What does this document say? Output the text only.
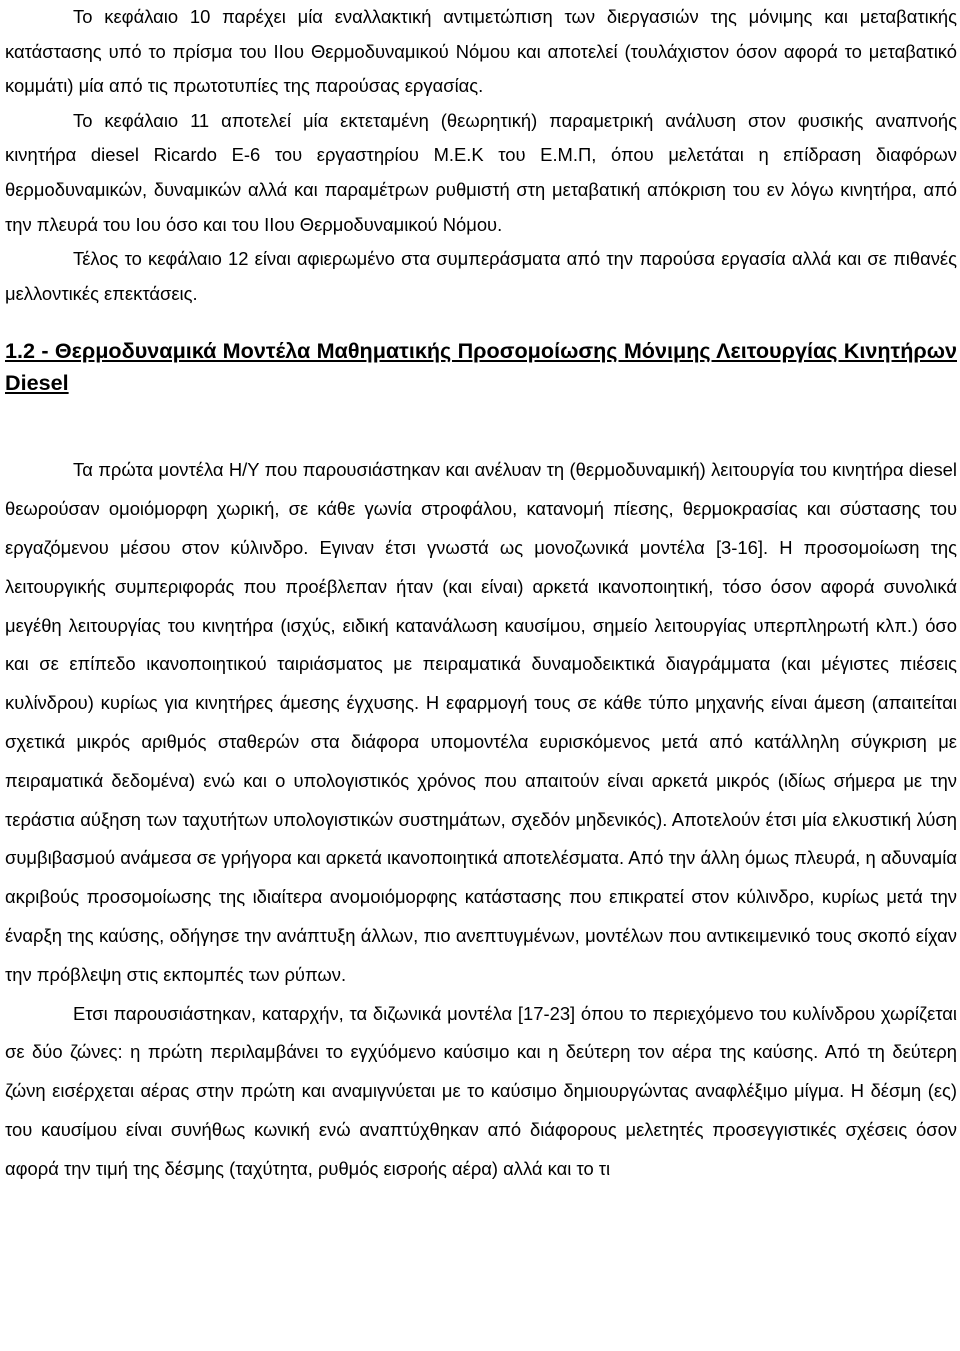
Το κεφάλαιο 10 παρέχει μία εναλλακτική αντιμετώπιση των διεργασιών της μόνιμης και μεταβατικής κατάστασης υπό το πρίσμα του ΙΙου Θερμοδυναμικού Νόμου και αποτελεί (τουλάχιστον όσον αφορά το μεταβατικό κομμάτι) μία από τις πρωτοτυπίες της παρούσας εργασίας.

Το κεφάλαιο 11 αποτελεί μία εκτεταμένη (θεωρητική) παραμετρική ανάλυση στον φυσικής αναπνοής κινητήρα diesel Ricardo E-6 του εργαστηρίου Μ.Ε.Κ του Ε.Μ.Π, όπου μελετάται η επίδραση διαφόρων θερμοδυναμικών, δυναμικών αλλά και παραμέτρων ρυθμιστή στη μεταβατική απόκριση του εν λόγω κινητήρα, από την πλευρά του Ιου όσο και του ΙΙου Θερμοδυναμικού Νόμου.

Τέλος το κεφάλαιο 12 είναι αφιερωμένο στα συμπεράσματα από την παρούσα εργασία αλλά και σε πιθανές μελλοντικές επεκτάσεις.

1.2 - Θερμοδυναμικά Μοντέλα Μαθηματικής Προσομοίωσης Μόνιμης Λειτουργίας Κινητήρων Diesel

Τα πρώτα μοντέλα Η/Υ που παρουσιάστηκαν και ανέλυαν τη (θερμοδυναμική) λειτουργία του κινητήρα diesel θεωρούσαν ομοιόμορφη χωρική, σε κάθε γωνία στροφάλου, κατανομή πίεσης, θερμοκρασίας και σύστασης του εργαζόμενου μέσου στον κύλινδρο. Εγιναν έτσι γνωστά ως μονοζωνικά μοντέλα [3-16]. Η προσομοίωση της λειτουργικής συμπεριφοράς που προέβλεπαν ήταν (και είναι) αρκετά ικανοποιητική, τόσο όσον αφορά συνολικά μεγέθη λειτουργίας του κινητήρα (ισχύς, ειδική κατανάλωση καυσίμου, σημείο λειτουργίας υπερπληρωτή κλπ.) όσο και σε επίπεδο ικανοποιητικού ταιριάσματος με πειραματικά δυναμοδεικτικά διαγράμματα (και μέγιστες πιέσεις κυλίνδρου) κυρίως για κινητήρες άμεσης έγχυσης. Η εφαρμογή τους σε κάθε τύπο μηχανής είναι άμεση (απαιτείται σχετικά μικρός αριθμός σταθερών στα διάφορα υπομοντέλα ευρισκόμενος μετά από κατάλληλη σύγκριση με πειραματικά δεδομένα) ενώ και ο υπολογιστικός χρόνος που απαιτούν είναι αρκετά μικρός (ιδίως σήμερα με την τεράστια αύξηση των ταχυτήτων υπολογιστικών συστημάτων, σχεδόν μηδενικός). Αποτελούν έτσι μία ελκυστική λύση συμβιβασμού ανάμεσα σε γρήγορα και αρκετά ικανοποιητικά αποτελέσματα. Από την άλλη όμως πλευρά, η αδυναμία ακριβούς προσομοίωσης της ιδιαίτερα ανομοιόμορφης κατάστασης που επικρατεί στον κύλινδρο, κυρίως μετά την έναρξη της καύσης, οδήγησε την ανάπτυξη άλλων, πιο ανεπτυγμένων, μοντέλων που αντικειμενικό τους σκοπό είχαν την πρόβλεψη στις εκπομπές των ρύπων.

Ετσι παρουσιάστηκαν, καταρχήν, τα διζωνικά μοντέλα [17-23] όπου το περιεχόμενο του κυλίνδρου χωρίζεται σε δύο ζώνες: η πρώτη περιλαμβάνει το εγχύόμενο καύσιμο και η δεύτερη τον αέρα της καύσης. Από τη δεύτερη ζώνη εισέρχεται αέρας στην πρώτη και αναμιγνύεται με το καύσιμο δημιουργώντας αναφλέξιμο μίγμα. Η δέσμη (ες) του καυσίμου είναι συνήθως κωνική ενώ αναπτύχθηκαν από διάφορους μελετητές προσεγγιστικές σχέσεις όσον αφορά την τιμή της δέσμης (ταχύτητα, ρυθμός εισροής αέρα) αλλά και το τι
